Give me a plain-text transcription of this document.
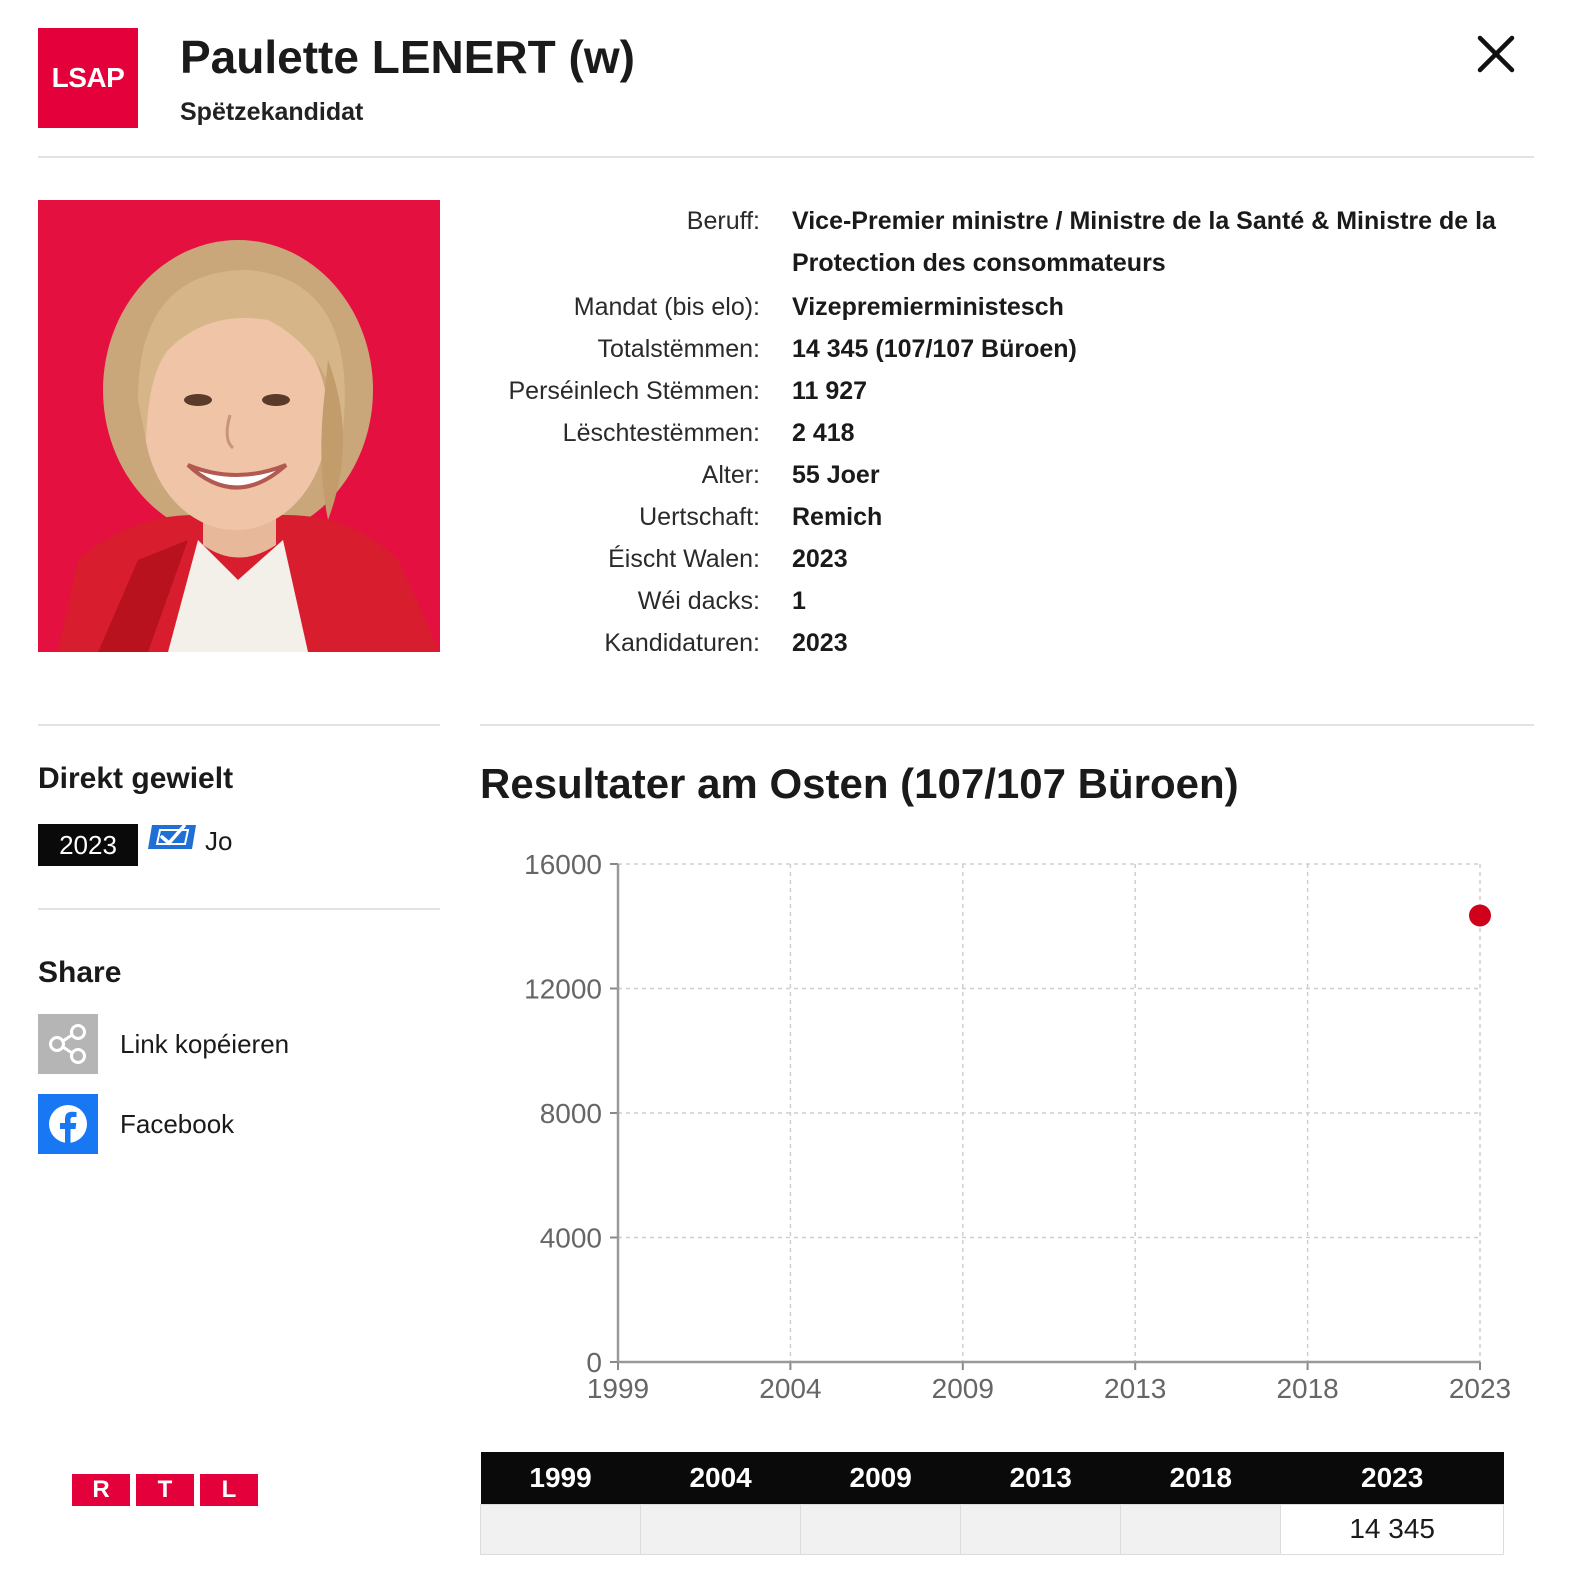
LSAP Paulette LENERT (w)
Spëtzekandidat
Beruff:	Vice-Premier ministre / Ministre de la Santé & Ministre de la Protection des consommateurs
Mandat (bis elo):	Vizepremierministesch
Totalstëmmen:	14 345 (107/107 Büroen)
Perséinlech Stëmmen:	11 927
Lëschtestëmmen:	2 418
Alter:	55 Joer
Uertschaft:	Remich
Éischt Walen:	2023
Wéi dacks:	1
Kandidaturen:	2023
Direkt gewielt
2023	Jo
Share
Link kopéieren
Facebook
R	T	L
Resultater am Osten (107/107 Büroen)
0
4000
8000
12000
16000
1999	2004	2009	2013	2018	2023
1999	2004	2009	2013	2018	2023
					14 345
